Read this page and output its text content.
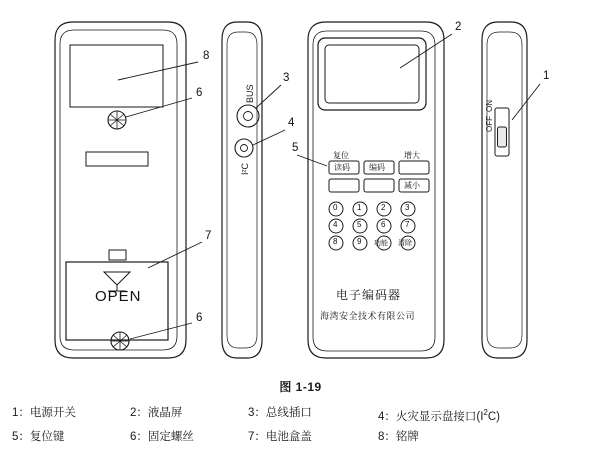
BUS
I²C
OFF
ON
OPEN	电子编码器
海湾安全技术有限公司
复位
读码 编码
增大
减小
0 1 2 3
4 5 6 7
8 9 功能 清除
1
2
3
4
5
6
6
7
8
图 1-19
1：电源开关	2：液晶屏	3：总线插口	4：火灾显示盘接口$(I^2C)$
5：复位键	6：固定螺丝	7：电池盒盖	8：铭牌
